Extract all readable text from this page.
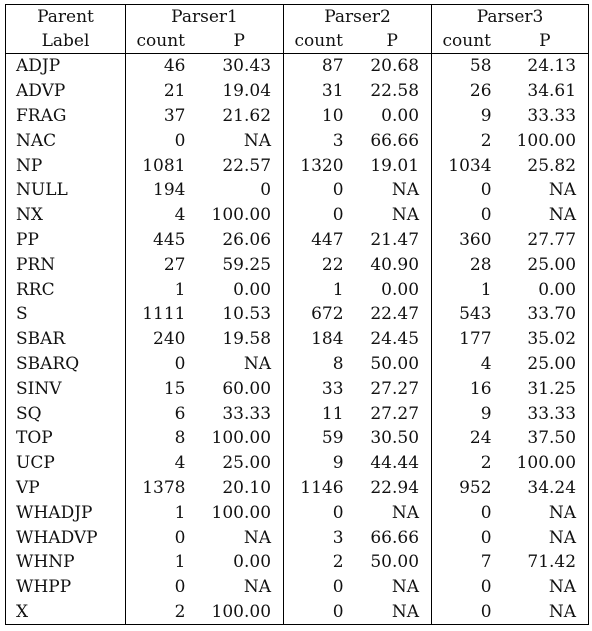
Parent	Parser1		Parser2		Parser3	
Label	count	P	count	P	count	P
ADJP	46	30.43	87	20.68	58	24.13
ADVP	21	19.04	31	22.58	26	34.61
FRAG	37	21.62	10	0.00	9	33.33
NAC	0	NA	3	66.66	2	100.00
NP	1081	22.57	1320	19.01	1034	25.82
NULL	194	0	0	NA	0	NA
NX	4	100.00	0	NA	0	NA
PP	445	26.06	447	21.47	360	27.77
PRN	27	59.25	22	40.90	28	25.00
RRC	1	0.00	1	0.00	1	0.00
S	1111	10.53	672	22.47	543	33.70
SBAR	240	19.58	184	24.45	177	35.02
SBARQ	0	NA	8	50.00	4	25.00
SINV	15	60.00	33	27.27	16	31.25
SQ	6	33.33	11	27.27	9	33.33
TOP	8	100.00	59	30.50	24	37.50
UCP	4	25.00	9	44.44	2	100.00
VP	1378	20.10	1146	22.94	952	34.24
WHADJP	1	100.00	0	NA	0	NA
WHADVP	0	NA	3	66.66	0	NA
WHNP	1	0.00	2	50.00	7	71.42
WHPP	0	NA	0	NA	0	NA
X	2	100.00	0	NA	0	NA
